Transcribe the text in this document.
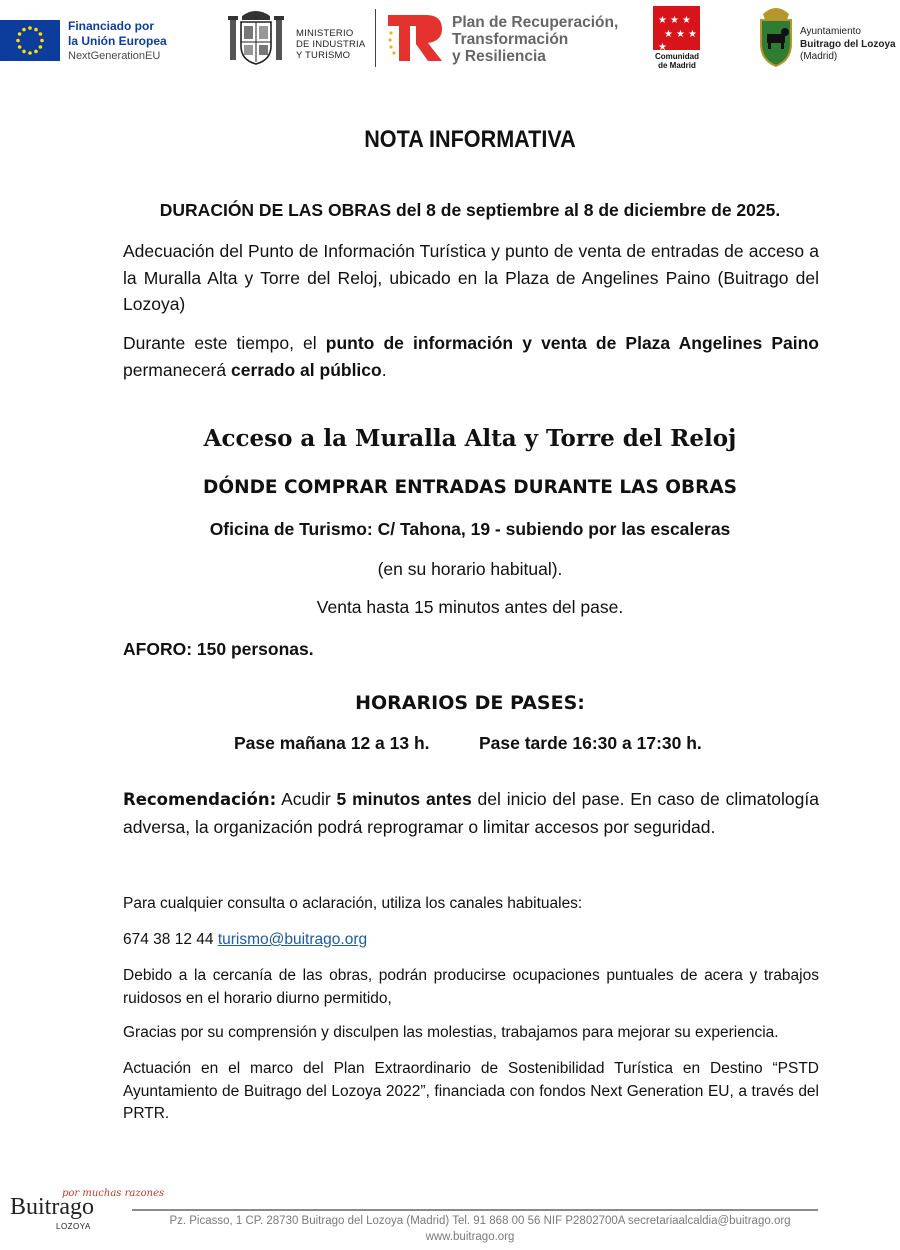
Financiado por
la Unión Europea
NextGenerationEU
MINISTERIO
DE INDUSTRIA
Y TURISMO
Plan de Recuperación,
Transformación
y Resiliencia
★ ★ ★
★ ★ ★
★
Comunidad
de Madrid
Ayuntamiento
Buitrago del Lozoya
(Madrid)
NOTA INFORMATIVA
DURACIÓN DE LAS OBRAS del 8 de septiembre al 8 de diciembre de 2025.
Adecuación del Punto de Información Turística y punto de venta de entradas de acceso a la Muralla Alta y Torre del Reloj, ubicado en la Plaza de Angelines Paino (Buitrago del Lozoya)
Durante este tiempo, el punto de información y venta de Plaza Angelines Paino permanecerá cerrado al público.
Acceso a la Muralla Alta y Torre del Reloj
DÓNDE COMPRAR ENTRADAS DURANTE LAS OBRAS
Oficina de Turismo: C/ Tahona, 19 - subiendo por las escaleras
(en su horario habitual).
Venta hasta 15 minutos antes del pase.
AFORO: 150 personas.
HORARIOS DE PASES:
Pase mañana 12 a 13 h.	Pase tarde 16:30 a 17:30 h.
Recomendación: Acudir 5 minutos antes del inicio del pase. En caso de climatología adversa, la organización podrá reprogramar o limitar accesos por seguridad.
Para cualquier consulta o aclaración, utiliza los canales habituales:
674 38 12 44 turismo@buitrago.org
Debido a la cercanía de las obras, podrán producirse ocupaciones puntuales de acera y trabajos ruidosos en el horario diurno permitido,
Gracias por su comprensión y disculpen las molestias, trabajamos para mejorar su experiencia.
Actuación en el marco del Plan Extraordinario de Sostenibilidad Turística en Destino “PSTD Ayuntamiento de Buitrago del Lozoya 2022”, financiada con fondos Next Generation EU, a través del PRTR.
por muchas razones
Buitrago
LOZOYA	Pz. Picasso, 1 CP. 28730 Buitrago del Lozoya (Madrid) Tel. 91 868 00 56 NIF P2802700A secretariaalcaldia@buitrago.org
www.buitrago.org
